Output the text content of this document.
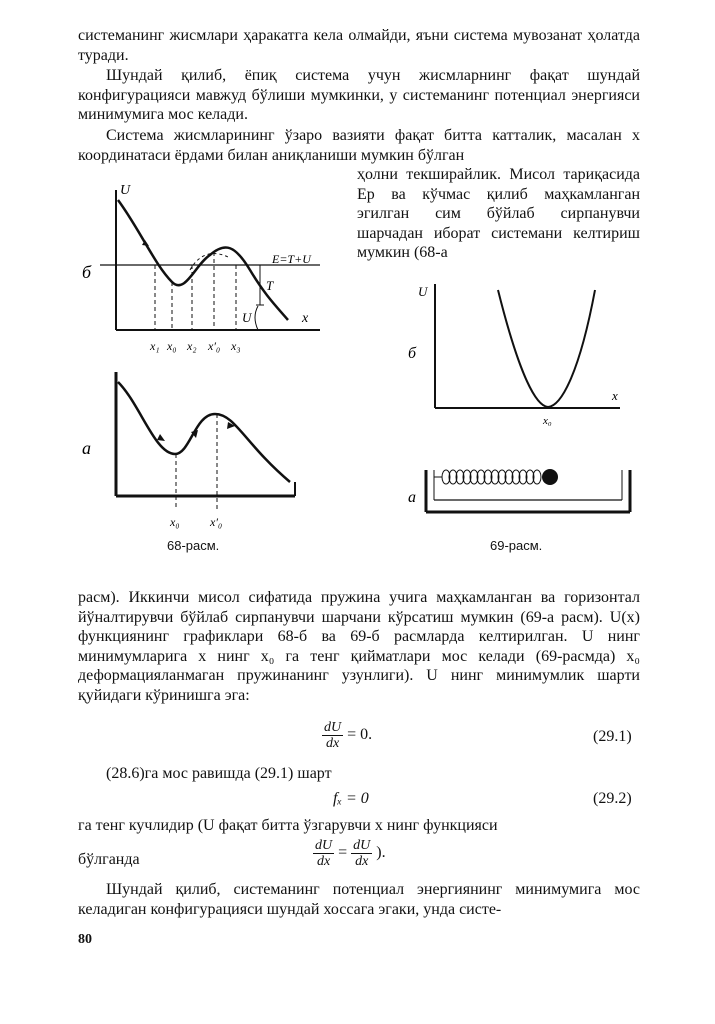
системанинг жисмлари ҳаракатга кела олмайди, яъни система мувозанат ҳолатда туради.

Шундай қилиб, ёпиқ система учун жисмларнинг фақат шундай конфигурацияси мавжуд бўлиши мумкинки, у системанинг потенциал энергияси минимумига мос келади.

Система жисмларининг ўзаро вазияти фақат битта катталик, масалан x координатаси ёрдами билан аниқланиши мумкин бўлган

ҳолни текширайлик. Мисол тариқасида Ер ва кўчмас қилиб маҳкамланган эгилган сим бўйлаб сирпанувчи шарчадан иборат системани келтириш мумкин (68-а

U
x
E=T+U
T
U
б
x₁ x₀ x₂ x′₀ x₃
а
x₀	x′₀
68-расм.
U
x
б
x₀
а
69-расм.

расм). Иккинчи мисол сифатида пружина учига маҳкамланган ва горизонтал йўналтирувчи бўйлаб сирпанувчи шарчани кўрсатиш мумкин (69-а расм). U(x) функциянинг графиклари 68-б ва 69-б расмларда келтирилган. U нинг минимумларига x нинг x₀ га тенг қийматлари мос келади (69-расмда) x₀ деформацияланмаган пружинанинг узунлиги). U нинг минимумлик шарти қуйидаги кўринишга эга:

$\frac{dU}{dx} = 0$.	(29.1)

(28.6)га мос равишда (29.1) шарт

fₓ = 0	(29.2)

га тенг кучлидир (U фақат битта ўзгарувчи x нинг функцияси

бўлганда	$\frac{dU}{dx} = \frac{dU}{dx}$ ).

Шундай қилиб, системанинг потенциал энергиянинг минимумига мос келадиган конфигурацияси шундай хоссага эгаки, унда систе-

80
